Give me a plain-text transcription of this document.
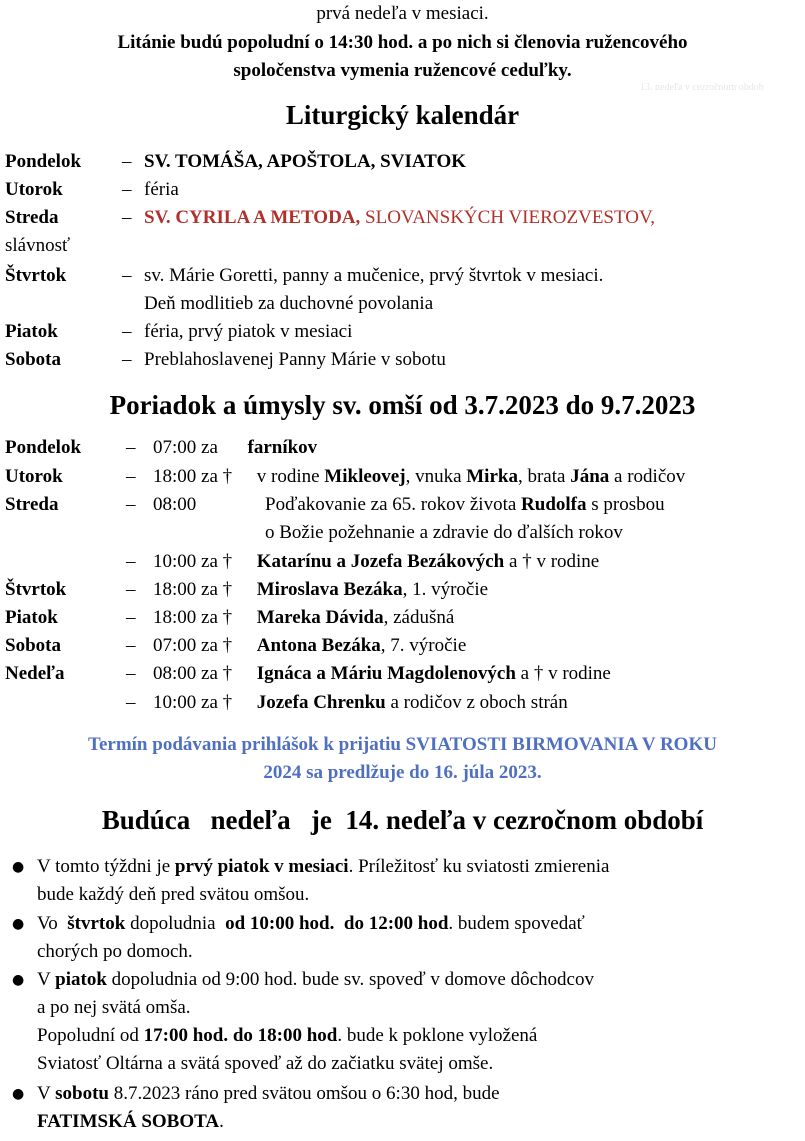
prvá nedeľa v mesiaci.
Litánie budú popoludní o 14:30 hod. a po nich si členovia ružencového
spoločenstva vymenia ružencové ceduľky.
13. nedeľa v cezročnom obdob
Liturgický kalendár
Pondelok – SV. TOMÁŠA, APOŠTOLA, SVIATOK
Utorok	– féria
Streda	– SV. CYRILA A METODA, SLOVANSKÝCH VIEROZVESTOV,
slávnosť
Štvrtok	– sv. Márie Goretti, panny a mučenice, prvý štvrtok v mesiaci.
Deň modlitieb za duchovné povolania
Piatok	– féria, prvý piatok v mesiaci
Sobota	– Preblahoslavenej Panny Márie v sobotu
Poriadok a úmysly sv. omší od 3.7.2023 do 9.7.2023
Pondelok – 07:00 za	farníkov
Utorok	– 18:00 za † v rodine Mikleovej, vnuka Mirka, brata Jána a rodičov
Streda	– 08:00	Poďakovanie za 65. rokov života Rudolfa s prosbou
o Božie požehnanie a zdravie do ďalších rokov
– 10:00 za † Katarínu a Jozefa Bezákových a † v rodine
Štvrtok	– 18:00 za † Miroslava Bezáka, 1. výročie
Piatok	– 18:00 za † Mareka Dávida, zádušná
Sobota	– 07:00 za † Antona Bezáka, 7. výročie
Nedeľa	– 08:00 za † Ignáca a Máriu Magdolenových a † v rodine
– 10:00 za † Jozefa Chrenku a rodičov z oboch strán
Termín podávania prihlášok k prijatiu SVIATOSTI BIRMOVANIA V ROKU
2024 sa predlžuje do 16. júla 2023.
Budúca   nedeľa   je  14. nedeľa v cezročnom období
● V tomto týždni je prvý piatok v mesiaci. Príležitosť ku sviatosti zmierenia
bude každý deň pred svätou omšou.
● Vo  štvrtok dopoludnia  od 10:00 hod.  do 12:00 hod. budem spovedať
chorých po domoch.
● V piatok dopoludnia od 9:00 hod. bude sv. spoveď v domove dôchodcov
a po nej svätá omša.
Popoludní od 17:00 hod. do 18:00 hod. bude k poklone vyložená
Sviatosť Oltárna a svätá spoveď až do začiatku svätej omše.
● V sobotu 8.7.2023 ráno pred svätou omšou o 6:30 hod, bude
FATIMSKÁ SOBOTA.
